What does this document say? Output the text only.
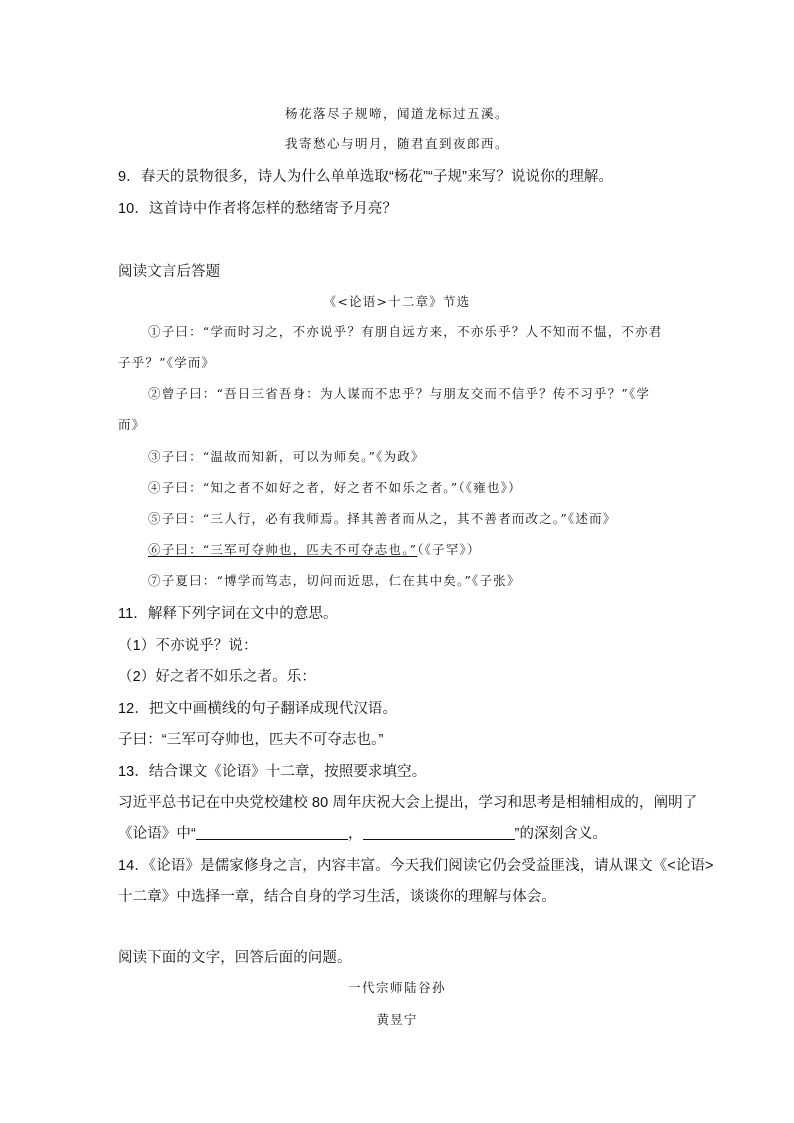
杨花落尽子规啼，闻道龙标过五溪。
我寄愁心与明月，随君直到夜郎西。
9．春天的景物很多，诗人为什么单单选取“杨花”“子规”来写？说说你的理解。
10．这首诗中作者将怎样的愁绪寄予月亮？
阅读文言后答题
《<论语>十二章》节选
①子曰：“学而时习之，不亦说乎？有朋自远方来，不亦乐乎？人不知而不愠，不亦君
子乎？”《学而》
②曾子曰：“吾日三省吾身：为人谋而不忠乎？与朋友交而不信乎？传不习乎？”《学
而》
③子曰：“温故而知新，可以为师矣。”《为政》
④子曰：“知之者不如好之者，好之者不如乐之者。”（《雍也》）
⑤子曰：“三人行，必有我师焉。择其善者而从之，其不善者而改之。”《述而》
⑥子曰：“三军可夺帅也，匹夫不可夺志也。”（《子罕》）
⑦子夏曰：“博学而笃志，切问而近思，仁在其中矣。”《子张》
11．解释下列字词在文中的意思。
（1）不亦说乎？说：
（2）好之者不如乐之者。乐：
12．把文中画横线的句子翻译成现代汉语。
子曰：“三军可夺帅也，匹夫不可夺志也。”
13．结合课文《论语》十二章，按照要求填空。
习近平总书记在中央党校建校 80 周年庆祝大会上提出，学习和思考是相辅相成的，阐明了
《论语》中“	，	”的深刻含义。
14．《论语》是儒家修身之言，内容丰富。今天我们阅读它仍会受益匪浅，请从课文《<论语>
十二章》中选择一章，结合自身的学习生活，谈谈你的理解与体会。
阅读下面的文字，回答后面的问题。
一代宗师陆谷孙
黄昱宁
